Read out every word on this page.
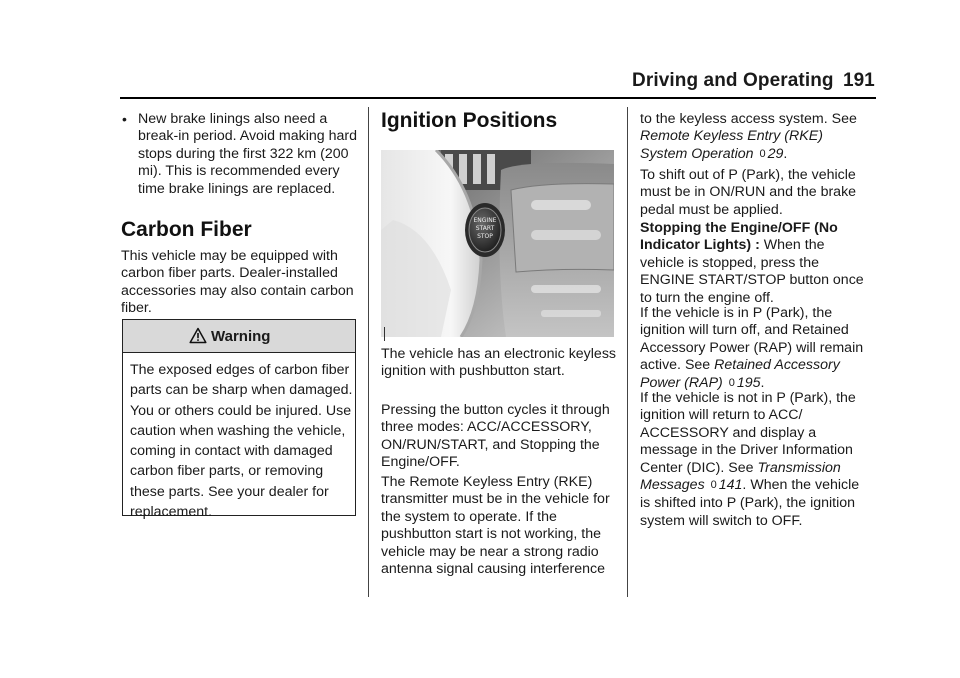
Driving and Operating 191
• New brake linings also need a break-in period. Avoid making hard stops during the first 322 km (200 mi). This is recommended every time brake linings are replaced.

Carbon Fiber

This vehicle may be equipped with carbon fiber parts. Dealer-installed accessories may also contain carbon fiber.

Warning
The exposed edges of carbon fiber parts can be sharp when damaged. You or others could be injured. Use caution when washing the vehicle, coming in contact with damaged carbon fiber parts, or removing these parts. See your dealer for replacement.
Ignition Positions
ENGINE
START
STOP

The vehicle has an electronic keyless ignition with pushbutton start.

Pressing the button cycles it through three modes: ACC/ACCESSORY, ON/RUN/START, and Stopping the Engine/OFF.

The Remote Keyless Entry (RKE) transmitter must be in the vehicle for the system to operate. If the pushbutton start is not working, the vehicle may be near a strong radio antenna signal causing interference

to the keyless access system. See Remote Keyless Entry (RKE) System Operation 0 29.

To shift out of P (Park), the vehicle must be in ON/RUN and the brake pedal must be applied.

Stopping the Engine/OFF (No Indicator Lights) : When the vehicle is stopped, press the ENGINE START/STOP button once to turn the engine off.

If the vehicle is in P (Park), the ignition will turn off, and Retained Accessory Power (RAP) will remain active. See Retained Accessory Power (RAP) 0 195.

If the vehicle is not in P (Park), the ignition will return to ACC/ ACCESSORY and display a message in the Driver Information Center (DIC). See Transmission Messages 0 141. When the vehicle is shifted into P (Park), the ignition system will switch to OFF.
